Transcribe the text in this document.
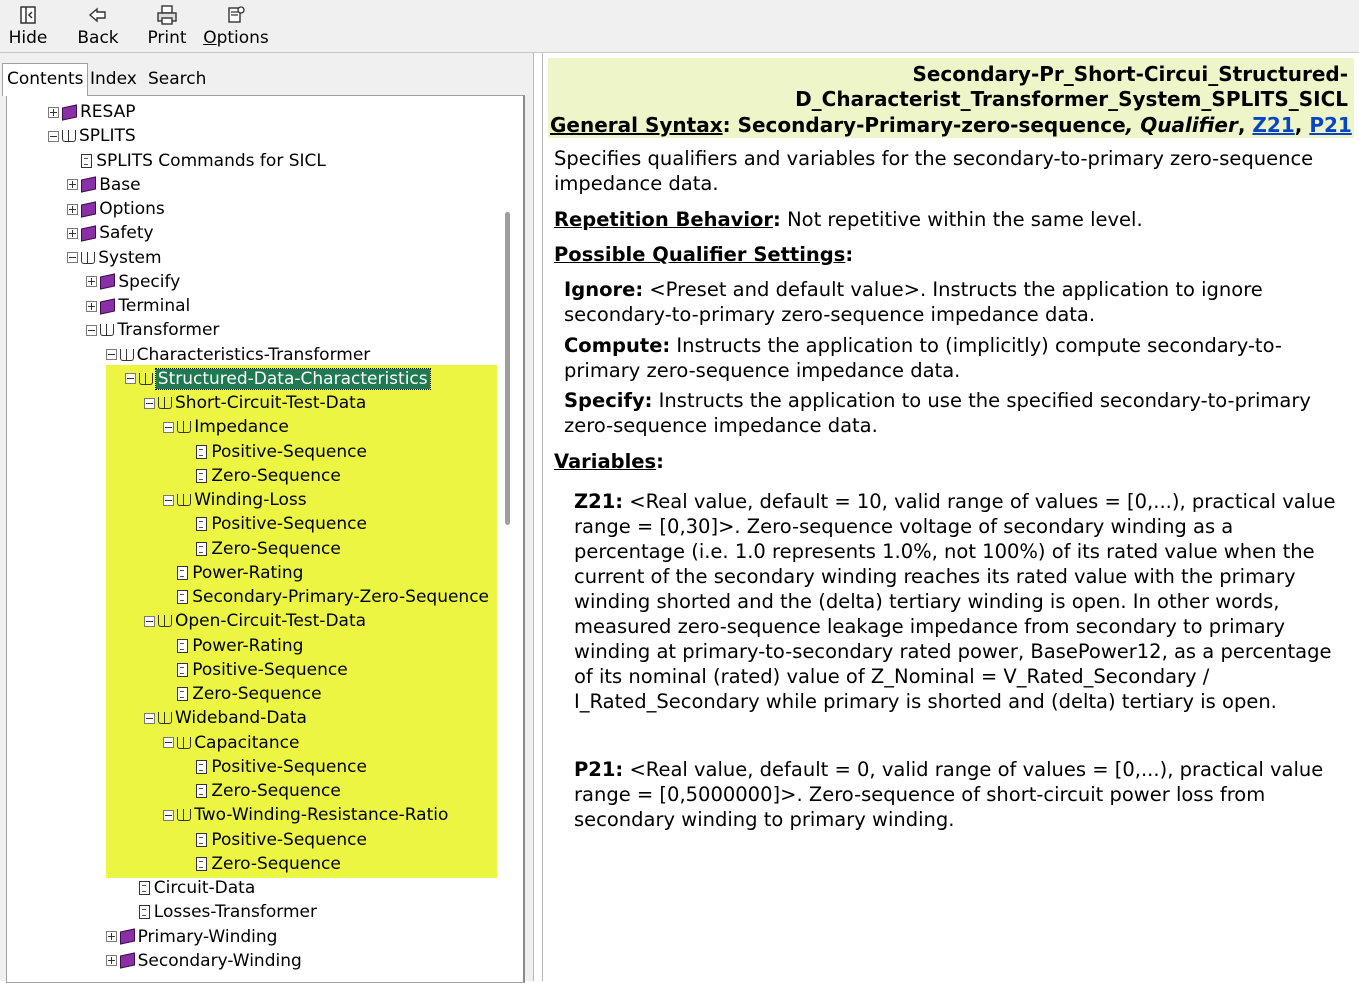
Hide Back Print Options
Contents Index Search
RESAP
SPLITS
SPLITS Commands for SICL
Base
Options
Safety
System
Specify
Terminal
Transformer
Characteristics-Transformer
Structured-Data-Characteristics
Short-Circuit-Test-Data
Impedance
Positive-Sequence
Zero-Sequence
Winding-Loss
Positive-Sequence
Zero-Sequence
Power-Rating
Secondary-Primary-Zero-Sequence
Open-Circuit-Test-Data
Power-Rating
Positive-Sequence
Zero-Sequence
Wideband-Data
Capacitance
Positive-Sequence
Zero-Sequence
Two-Winding-Resistance-Ratio
Positive-Sequence
Zero-Sequence
Circuit-Data
Losses-Transformer
Primary-Winding
Secondary-Winding
Secondary-Pr_Short-Circui_Structured-D_Characterist_Transformer_System_SPLITS_SICL
General Syntax: Secondary-Primary-zero-sequence, Qualifier, Z21, P21
Specifies qualifiers and variables for the secondary-to-primary zero-sequence impedance data.
Repetition Behavior: Not repetitive within the same level.
Possible Qualifier Settings:
Ignore: <Preset and default value>. Instructs the application to ignore secondary-to-primary zero-sequence impedance data.
Compute: Instructs the application to (implicitly) compute secondary-to-primary zero-sequence impedance data.
Specify: Instructs the application to use the specified secondary-to-primary zero-sequence impedance data.
Variables:
Z21: <Real value, default = 10, valid range of values = [0,...), practical value range = [0,30]>. Zero-sequence voltage of secondary winding as a percentage (i.e. 1.0 represents 1.0%, not 100%) of its rated value when the current of the secondary winding reaches its rated value with the primary winding shorted and the (delta) tertiary winding is open. In other words, measured zero-sequence leakage impedance from secondary to primary winding at primary-to-secondary rated power, BasePower12, as a percentage of its nominal (rated) value of Z_Nominal = V_Rated_Secondary / I_Rated_Secondary while primary is shorted and (delta) tertiary is open.
P21: <Real value, default = 0, valid range of values = [0,...), practical value range = [0,5000000]>. Zero-sequence of short-circuit power loss from secondary winding to primary winding.
